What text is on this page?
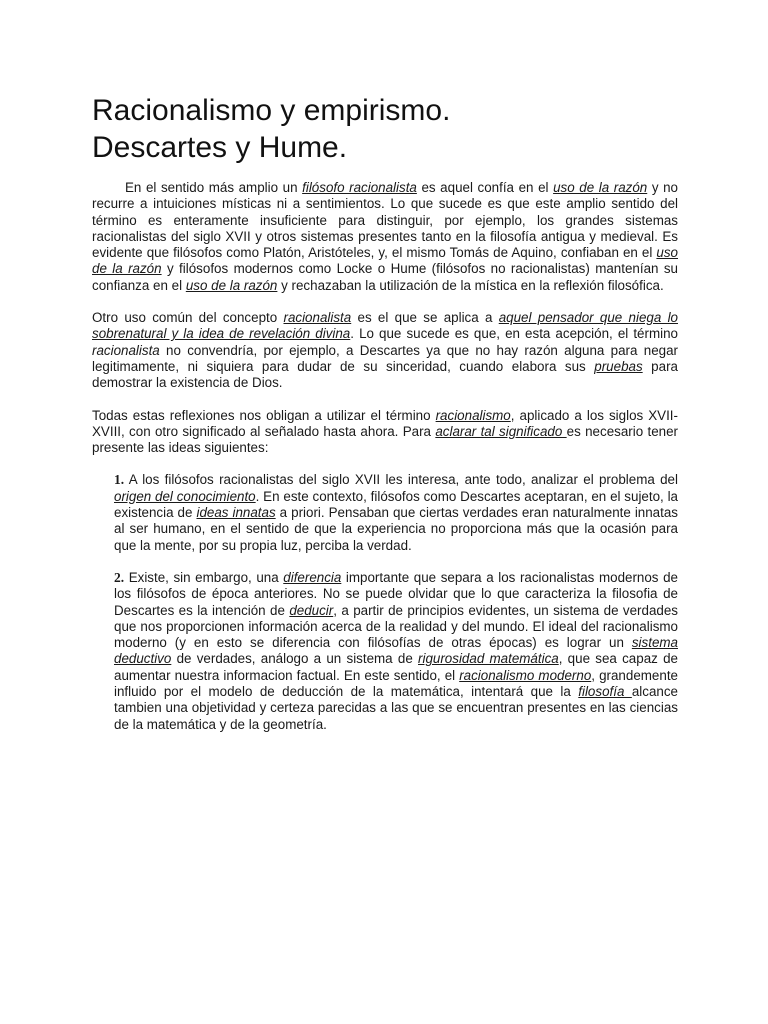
Racionalismo y empirismo.
Descartes y Hume.

En el sentido más amplio un filósofo racionalista es aquel confía en el uso de la razón y no recurre a intuiciones místicas ni a sentimientos. Lo que sucede es que este amplio sentido del término es enteramente insuficiente para distinguir, por ejemplo, los grandes sistemas racionalistas del siglo XVII y otros sistemas presentes tanto en la filosofía antigua y medieval. Es evidente que filósofos como Platón, Aristóteles, y, el mismo Tomás de Aquino, confiaban en el uso de la razón y filósofos modernos como Locke o Hume (filósofos no racionalistas) mantenían su confianza en el uso de la razón y rechazaban la utilización de la mística en la reflexión filosófica.

Otro uso común del concepto racionalista es el que se aplica a aquel pensador que niega lo sobrenatural y la idea de revelación divina. Lo que sucede es que, en esta acepción, el término racionalista no convendría, por ejemplo, a Descartes ya que no hay razón alguna para negar legitimamente, ni siquiera para dudar de su sinceridad, cuando elabora sus pruebas para demostrar la existencia de Dios.

Todas estas reflexiones nos obligan a utilizar el término racionalismo, aplicado a los siglos XVII-XVIII, con otro significado al señalado hasta ahora. Para aclarar tal significado es necesario tener presente las ideas siguientes:

1. A los filósofos racionalistas del siglo XVII les interesa, ante todo, analizar el problema del origen del conocimiento. En este contexto, filósofos como Descartes aceptaran, en el sujeto, la existencia de ideas innatas a priori. Pensaban que ciertas verdades eran naturalmente innatas al ser humano, en el sentido de que la experiencia no proporciona más que la ocasión para que la mente, por su propia luz, perciba la verdad.

2. Existe, sin embargo, una diferencia importante que separa a los racionalistas modernos de los filósofos de época anteriores. No se puede olvidar que lo que caracteriza la filosofia de Descartes es la intención de deducir, a partir de principios evidentes, un sistema de verdades que nos proporcionen información acerca de la realidad y del mundo. El ideal del racionalismo moderno (y en esto se diferencia con filósofías de otras épocas) es lograr un sistema deductivo de verdades, análogo a un sistema de rigurosidad matemática, que sea capaz de aumentar nuestra informacion factual. En este sentido, el racionalismo moderno, grandemente influido por el modelo de deducción de la matemática, intentará que la filosofía alcance tambien una objetividad y certeza parecidas a las que se encuentran presentes en las ciencias de la matemática y de la geometría.
